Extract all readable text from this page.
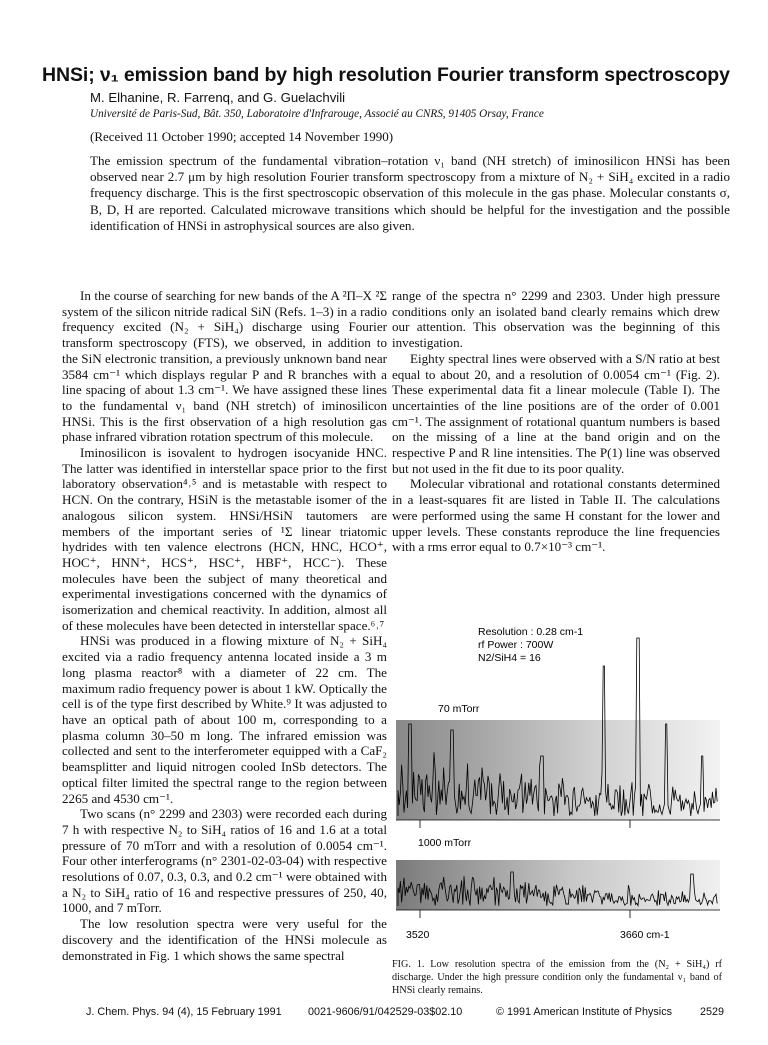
HNSi; ν₁ emission band by high resolution Fourier transform spectroscopy
M. Elhanine, R. Farrenq, and G. Guelachvili
Université de Paris-Sud, Bât. 350, Laboratoire d'Infrarouge, Associé au CNRS, 91405 Orsay, France
(Received 11 October 1990; accepted 14 November 1990)
The emission spectrum of the fundamental vibration–rotation ν₁ band (NH stretch) of iminosilicon HNSi has been observed near 2.7 μm by high resolution Fourier transform spectroscopy from a mixture of N₂ + SiH₄ excited in a radio frequency discharge. This is the first spectroscopic observation of this molecule in the gas phase. Molecular constants σ, B, D, H are reported. Calculated microwave transitions which should be helpful for the investigation and the possible identification of HNSi in astrophysical sources are also given.

In the course of searching for new bands of the A ²Π–X ²Σ system of the silicon nitride radical SiN (Refs. 1–3) in a radio frequency excited (N₂ + SiH₄) discharge using Fourier transform spectroscopy (FTS), we observed, in addition to the SiN electronic transition, a previously unknown band near 3584 cm⁻¹ which displays regular P and R branches with a line spacing of about 1.3 cm⁻¹. We have assigned these lines to the fundamental ν₁ band (NH stretch) of iminosilicon HNSi. This is the first observation of a high resolution gas phase infrared vibration rotation spectrum of this molecule.

Iminosilicon is isovalent to hydrogen isocyanide HNC. The latter was identified in interstellar space prior to the first laboratory observation⁴˒⁵ and is metastable with respect to HCN. On the contrary, HSiN is the metastable isomer of the analogous silicon system. HNSi/HSiN tautomers are members of the important series of ¹Σ linear triatomic hydrides with ten valence electrons (HCN, HNC, HCO⁺, HOC⁺, HNN⁺, HCS⁺, HSC⁺, HBF⁺, HCC⁻). These molecules have been the subject of many theoretical and experimental investigations concerned with the dynamics of isomerization and chemical reactivity. In addition, almost all of these molecules have been detected in interstellar space.⁶˒⁷

HNSi was produced in a flowing mixture of N₂ + SiH₄ excited via a radio frequency antenna located inside a 3 m long plasma reactor⁸ with a diameter of 22 cm. The maximum radio frequency power is about 1 kW. Optically the cell is of the type first described by White.⁹ It was adjusted to have an optical path of about 100 m, corresponding to a plasma column 30–50 m long. The infrared emission was collected and sent to the interferometer equipped with a CaF₂ beamsplitter and liquid nitrogen cooled InSb detectors. The optical filter limited the spectral range to the region between 2265 and 4530 cm⁻¹.

Two scans (n° 2299 and 2303) were recorded each during 7 h with respective N₂ to SiH₄ ratios of 16 and 1.6 at a total pressure of 70 mTorr and with a resolution of 0.0054 cm⁻¹. Four other interferograms (n° 2301-02-03-04) with respective resolutions of 0.07, 0.3, 0.3, and 0.2 cm⁻¹ were obtained with a N₂ to SiH₄ ratio of 16 and respective pressures of 250, 40, 1000, and 7 mTorr.

The low resolution spectra were very useful for the discovery and the identification of the HNSi molecule as demonstrated in Fig. 1 which shows the same spectral

range of the spectra n° 2299 and 2303. Under high pressure conditions only an isolated band clearly remains which drew our attention. This observation was the beginning of this investigation.

Eighty spectral lines were observed with a S/N ratio at best equal to about 20, and a resolution of 0.0054 cm⁻¹ (Fig. 2). These experimental data fit a linear molecule (Table I). The uncertainties of the line positions are of the order of 0.001 cm⁻¹. The assignment of rotational quantum numbers is based on the missing of a line at the band origin and on the respective P and R line intensities. The P(1) line was observed but not used in the fit due to its poor quality.

Molecular vibrational and rotational constants determined in a least-squares fit are listed in Table II. The calculations were performed using the same H constant for the lower and upper levels. These constants reproduce the line frequencies with a rms error equal to 0.7×10⁻³ cm⁻¹.

Resolution : 0.28 cm-1
rf Power : 700W
N2/SiH4 = 16
70 mTorr
1000 mTorr
3520	3660 cm-1
FIG. 1. Low resolution spectra of the emission from the (N₂ + SiH₄) rf discharge. Under the high pressure condition only the fundamental ν₁ band of HNSi clearly remains.
J. Chem. Phys. 94 (4), 15 February 1991 0021-9606/91/042529-03$02.10	© 1991 American Institute of Physics	2529
